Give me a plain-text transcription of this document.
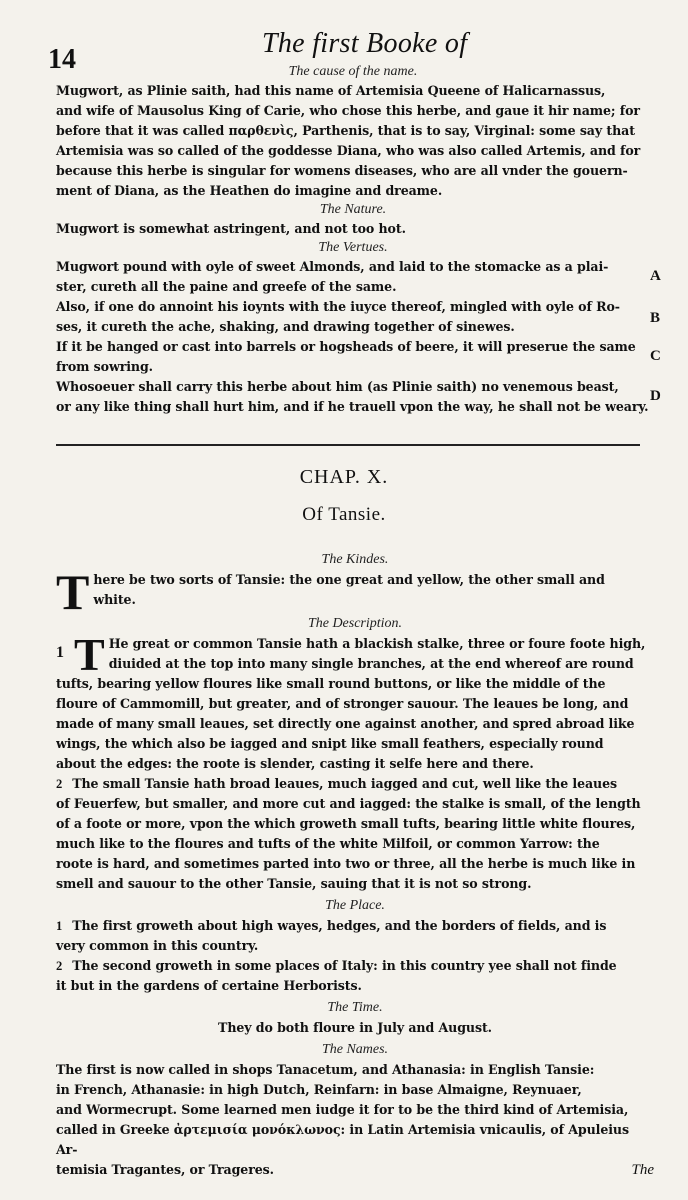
14
The first Booke of
The cause of the name.

Mugwort, as Plinie saith, had this name of Artemisia Queene of Halicarnassus,

and wife of Mausolus King of Carie, who chose this herbe, and gaue it hir name; for

before that it was called παρθενὶς, Parthenis, that is to say, Virginal: some say that

Artemisia was so called of the goddesse Diana, who was also called Artemis, and for

because this herbe is singular for womens diseases, who are all vnder the gouern-

ment of Diana, as the Heathen do imagine and dreame.

The Nature.

Mugwort is somewhat astringent, and not too hot.

The Vertues.

Mugwort pound with oyle of sweet Almonds, and laid to the stomacke as a plai-

ster, cureth all the paine and greefe of the same.

Also, if one do annoint his ioynts with the iuyce thereof, mingled with oyle of Ro-

ses, it cureth the ache, shaking, and drawing together of sinewes.

If it be hanged or cast into barrels or hogsheads of beere, it will preserue the same

from sowring.

Whosoeuer shall carry this herbe about him (as Plinie saith) no venemous beast,

or any like thing shall hurt him, and if he trauell vpon the way, he shall not be weary.

A
B
C
D
CHAP. X.
Of Tansie.
The Kindes.
T here be two sorts of Tansie: the one great and yellow, the other small and

white.

The Description.
1 T He great or common Tansie hath a blackish stalke, three or foure foote high,

diuided at the top into many single branches, at the end whereof are round

tufts, bearing yellow floures like small round buttons, or like the middle of the

floure of Cammomill, but greater, and of stronger sauour. The leaues be long, and

made of many small leaues, set directly one against another, and spred abroad like

wings, the which also be iagged and snipt like small feathers, especially round

about the edges: the roote is slender, casting it selfe here and there.

2 The small Tansie hath broad leaues, much iagged and cut, well like the leaues

of Feuerfew, but smaller, and more cut and iagged: the stalke is small, of the length

of a foote or more, vpon the which groweth small tufts, bearing little white floures,

much like to the floures and tufts of the white Milfoil, or common Yarrow: the

roote is hard, and sometimes parted into two or three, all the herbe is much like in

smell and sauour to the other Tansie, sauing that it is not so strong.

The Place.

1 The first groweth about high wayes, hedges, and the borders of fields, and is

very common in this country.

2 The second groweth in some places of Italy: in this country yee shall not finde

it but in the gardens of certaine Herborists.

The Time.

They do both floure in July and August.

The Names.

The first is now called in shops Tanacetum, and Athanasia: in English Tansie:

in French, Athanasie: in high Dutch, Reinfarn: in base Almaigne, Reynuaer,

and Wormecrupt. Some learned men iudge it for to be the third kind of Artemisia,

called in Greeke ἀρτεμισία μονόκλωνος: in Latin Artemisia vnicaulis, of Apuleius Ar-

temisia Tragantes, or Trageres.	The
